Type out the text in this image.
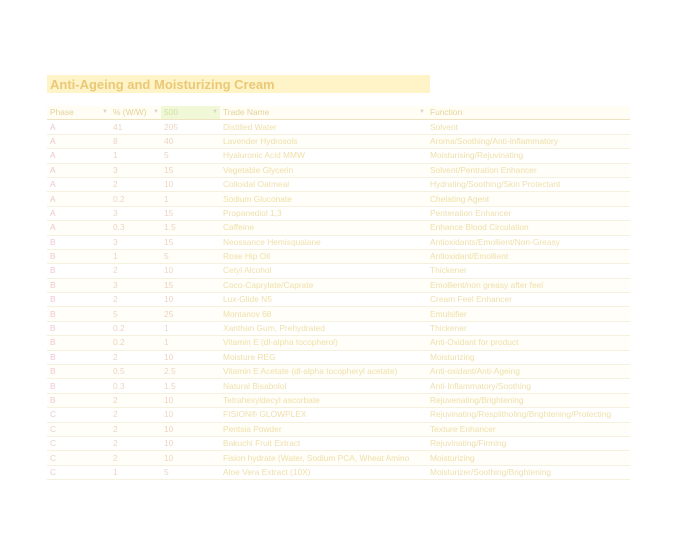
Anti-Ageing and Moisturizing Cream
Phase ▼	% (W/W) ▼	500 ▼	Trade Name ▼	Function
A	41	205	Distilled Water	Solvent
A	8	40	Lavender Hydrosols	Aroma/Soothing/Anti-Inflammatory
A	1	5	Hyaluronic Acid MMW	Moisturising/Rejuvinating
A	3	15	Vegetable Glycerin	Solvent/Pentration Enhancer
A	2	10	Colloidal Oatmeal	Hydrating/Soothing/Skin Protectant
A	0.2	1	Sodium Gluconate	Chelating Agent
A	3	15	Propanediol 1,3	Penteration Enhancer
A	0.3	1.5	Caffeine	Enhance Blood Circulation
B	3	15	Neossance Hemisqualane	Antioxidants/Emollient/Non-Greasy
B	1	5	Rose Hip Oil	Antioxidant/Emollient
B	2	10	Cetyl Alcohol	Thickener
B	3	15	Coco-Caprylate/Caprate	Emollient/non greasy after feel
B	2	10	Lux-Glide N5	Cream Feel Enhancer
B	5	25	Montanov 68	Emulsifier
B	0.2	1	Xanthan Gum, Prehydrated	Thickener
B	0.2	1	Vitamin E (dl-alpha tocopherol)	Anti-Oxidant for product
B	2	10	Moisture REG	Moisturizing
B	0.5	2.5	Vitamin E Acetate (dl-alpha tocopheryl acetate)	Anti-oxidant/Anti-Ageing
B	0.3	1.5	Natural Bisabolol	Anti-Inflammatory/Soothing
B	2	10	Tetrahexyldecyl ascorbate	Rejuvenating/Brightening
C	2	10	FISION® GLOWPLEX	Rejuvinating/Resplitholing/Brightening/Protecting
C	2	10	Pentsia Powder	Texture Enhancer
C	2	10	Bakuchi Fruit Extract	Rejuvinating/Firming
C	2	10	Fision hydrate (Water, Sodium PCA, Wheat Amino	Moisturizing
C	1	5	Aloe Vera Extract (10X)	Moisturizer/Soothing/Brightening
